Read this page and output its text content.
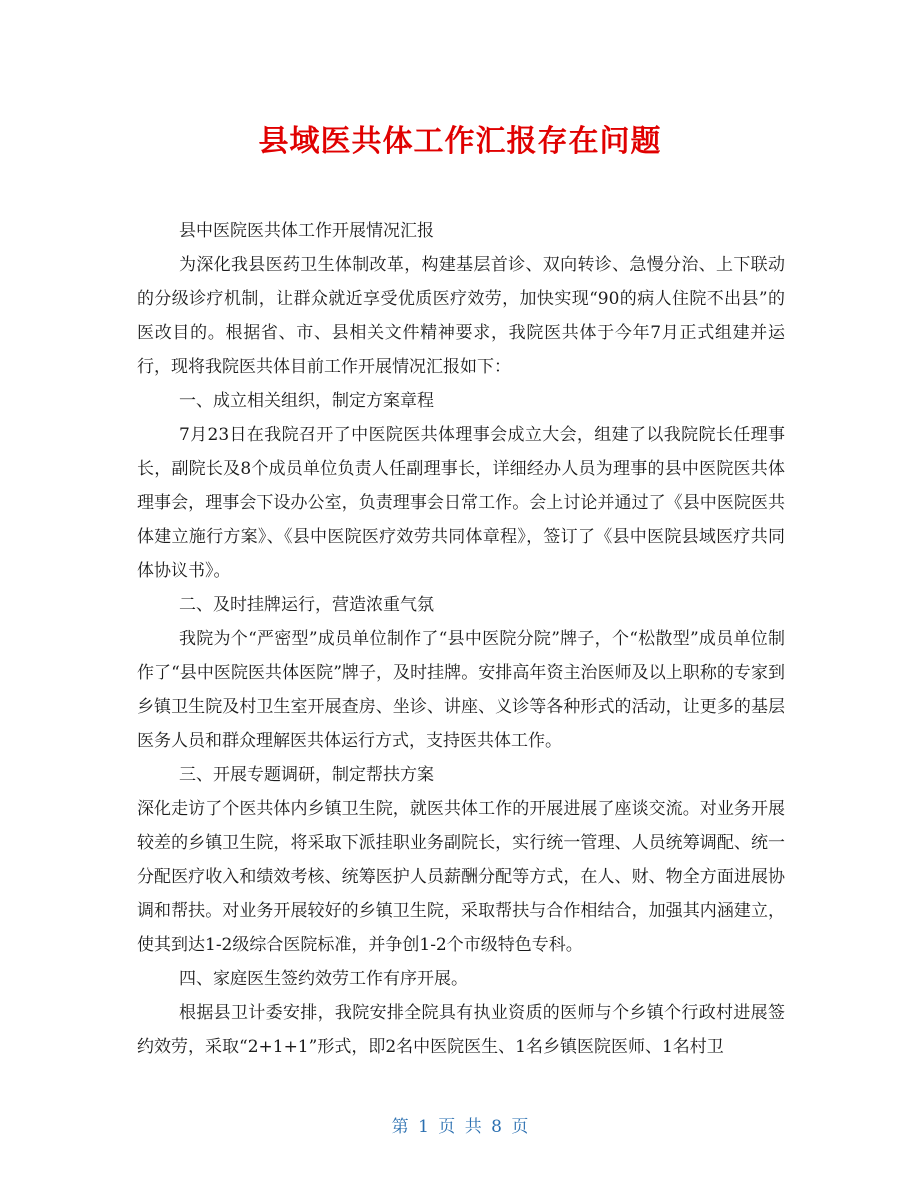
县域医共体工作汇报存在问题

县中医院医共体工作开展情况汇报

为深化我县医药卫生体制改革，构建基层首诊、双向转诊、急慢分治、上下联动的分级诊疗机制，让群众就近享受优质医疗效劳，加快实现“90的病人住院不出县”的医改目的。根据省、市、县相关文件精神要求，我院医共体于今年7月正式组建并运行，现将我院医共体目前工作开展情况汇报如下：

一、成立相关组织，制定方案章程

7月23日在我院召开了中医院医共体理事会成立大会，组建了以我院院长任理事长，副院长及8个成员单位负责人任副理事长，详细经办人员为理事的县中医院医共体理事会，理事会下设办公室，负责理事会日常工作。会上讨论并通过了《县中医院医共体建立施行方案》、《县中医院医疗效劳共同体章程》，签订了《县中医院县域医疗共同体协议书》。

二、及时挂牌运行，营造浓重气氛

我院为个“严密型”成员单位制作了“县中医院分院”牌子，个“松散型”成员单位制作了“县中医院医共体医院”牌子，及时挂牌。安排高年资主治医师及以上职称的专家到乡镇卫生院及村卫生室开展查房、坐诊、讲座、义诊等各种形式的活动，让更多的基层医务人员和群众理解医共体运行方式，支持医共体工作。

三、开展专题调研，制定帮扶方案

深化走访了个医共体内乡镇卫生院，就医共体工作的开展进展了座谈交流。对业务开展较差的乡镇卫生院，将采取下派挂职业务副院长，实行统一管理、人员统筹调配、统一分配医疗收入和绩效考核、统筹医护人员薪酬分配等方式，在人、财、物全方面进展协调和帮扶。对业务开展较好的乡镇卫生院，采取帮扶与合作相结合，加强其内涵建立，使其到达1-2级综合医院标准，并争创1-2个市级特色专科。

四、家庭医生签约效劳工作有序开展。

根据县卫计委安排，我院安排全院具有执业资质的医师与个乡镇个行政村进展签约效劳，采取“2+1+1”形式，即2名中医院医生、1名乡镇医院医师、1名村卫

第 1 页 共 8 页
